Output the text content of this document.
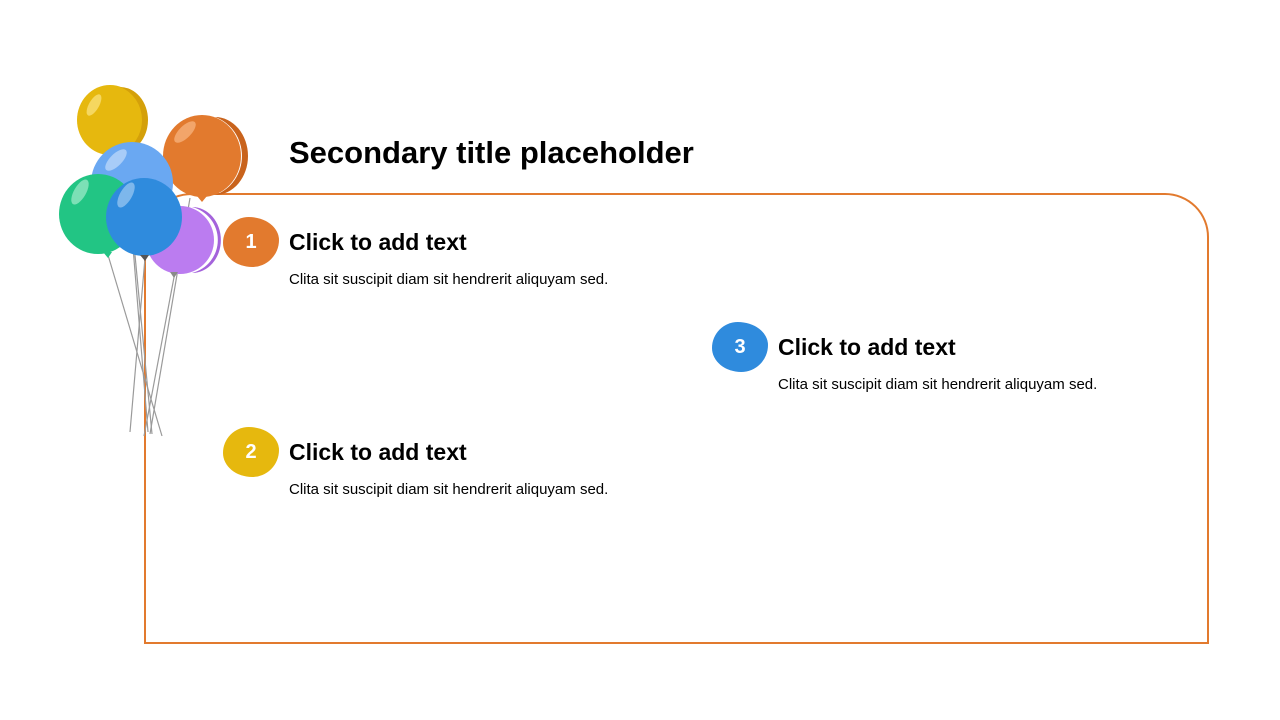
Secondary title placeholder
1 Click to add text
Clita sit suscipit diam sit hendrerit aliquyam sed.
3 Click to add text
Clita sit suscipit diam sit hendrerit aliquyam sed.
2 Click to add text
Clita sit suscipit diam sit hendrerit aliquyam sed.
